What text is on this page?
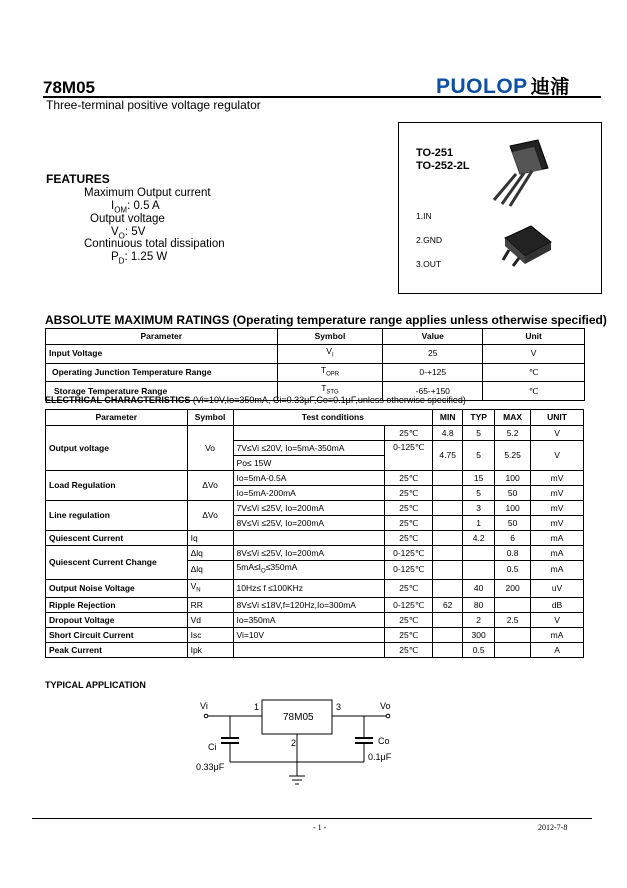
78M05	PUOLOP 迪浦
Three-terminal positive voltage regulator
FEATURES
Maximum Output current
$I_{OM}$: 0.5 A
Output voltage
$V_O$: 5V
Continuous total dissipation
$P_D$: 1.25 W
TO-251
TO-252-2L
1.IN
2.GND
3.OUT
ABSOLUTE MAXIMUM RATINGS (Operating temperature range applies unless otherwise specified)
Parameter	Symbol	Value	Unit
Input Voltage	$V_I$	25	V
Operating Junction Temperature Range	$T_{OPR}$	0-+125	℃
Storage Temperature Range	$T_{STG}$	-65-+150	℃
ELECTRICAL CHARACTERISTICS (Vi=10V,Io=350mA, Ci=0.33μF,Co=0.1μF,unless otherwise specified)
Parameter	Symbol	Test conditions		MIN	TYP	MAX	UNIT
Output voltage	Vo		25℃	4.8	5	5.2	V
		7V≤Vi ≤20V, Io=5mA-350mA	0-125℃	4.75	5	5.25	V
		Po≤ 15W					
Load Regulation	ΔVo	Io=5mA-0.5A	25℃		15	100	mV
		Io=5mA-200mA	25℃		5	50	mV
Line regulation	ΔVo	7V≤Vi ≤25V, Io=200mA	25℃		3	100	mV
		8V≤Vi ≤25V, Io=200mA	25℃		1	50	mV
Quiescent Current	Iq		25℃		4.2	6	mA
Quiescent Current Change	Δlq	8V≤Vi ≤25V, Io=200mA	0-125℃			0.8	mA
	Δlq	$5mA\le I_O\le 350mA$	0-125℃			0.5	mA
Output Noise Voltage	$V_N$	10Hz≤ f ≤100KHz	25℃		40	200	uV
Ripple Rejection	RR	8V≤Vi ≤18V,f=120Hz,Io=300mA	0-125℃	62	80		dB
Dropout Voltage	Vd	Io=350mA	25℃		2	2.5	V
Short Circuit Current	Isc	Vi=10V	25℃		300		mA
Peak Current	Ipk		25℃		0.5		A
TYPICAL APPLICATION
Vi	Vo
78M05
1	3
2
Ci
0.33μF
Co
0.1μF
- 1 -	2012-7-8
